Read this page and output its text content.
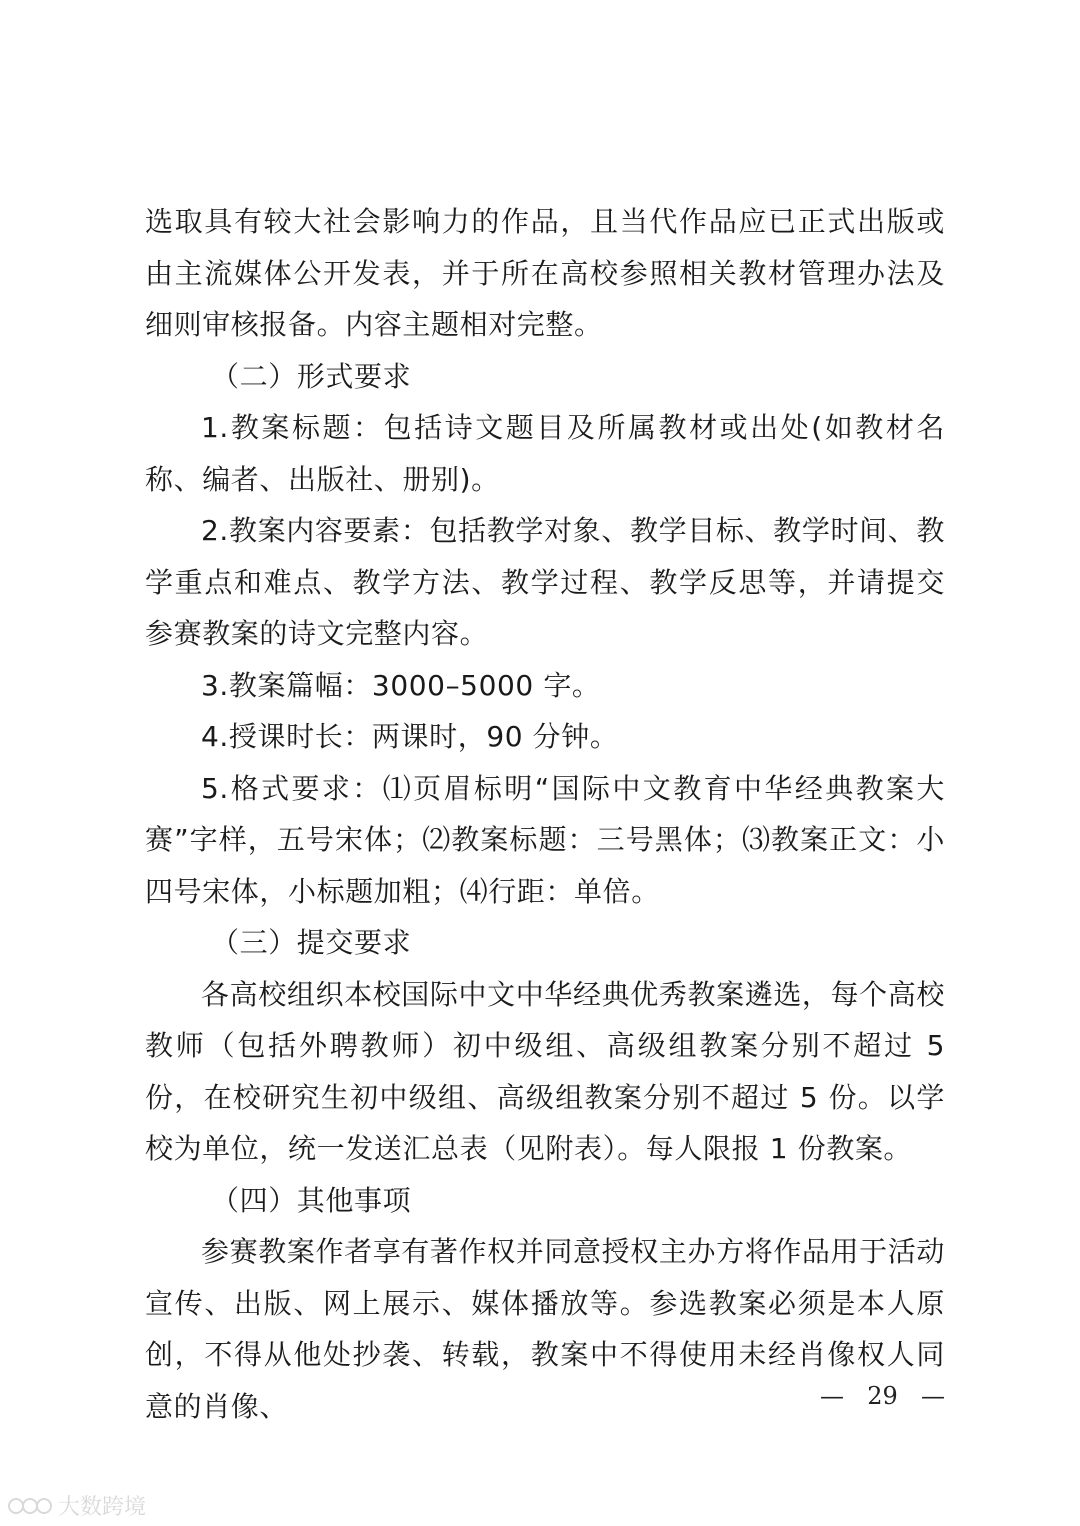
选取具有较大社会影响力的作品，且当代作品应已正式出版或由主流媒体公开发表，并于所在高校参照相关教材管理办法及细则审核报备。内容主题相对完整。

（二）形式要求

1.教案标题：包括诗文题目及所属教材或出处(如教材名称、编者、出版社、册别)。

2.教案内容要素：包括教学对象、教学目标、教学时间、教学重点和难点、教学方法、教学过程、教学反思等，并请提交参赛教案的诗文完整内容。

3.教案篇幅：3000–5000 字。

4.授课时长：两课时，90 分钟。

5.格式要求：⑴页眉标明“国际中文教育中华经典教案大赛”字样，五号宋体；⑵教案标题：三号黑体；⑶教案正文：小四号宋体，小标题加粗；⑷行距：单倍。

（三）提交要求

各高校组织本校国际中文中华经典优秀教案遴选，每个高校教师（包括外聘教师）初中级组、高级组教案分别不超过 5 份，在校研究生初中级组、高级组教案分别不超过 5 份。以学校为单位，统一发送汇总表（见附表）。每人限报 1 份教案。

（四）其他事项

参赛教案作者享有著作权并同意授权主办方将作品用于活动宣传、出版、网上展示、媒体播放等。参选教案必须是本人原创，不得从他处抄袭、转载，教案中不得使用未经肖像权人同意的肖像、	— 29 —
大数跨境
